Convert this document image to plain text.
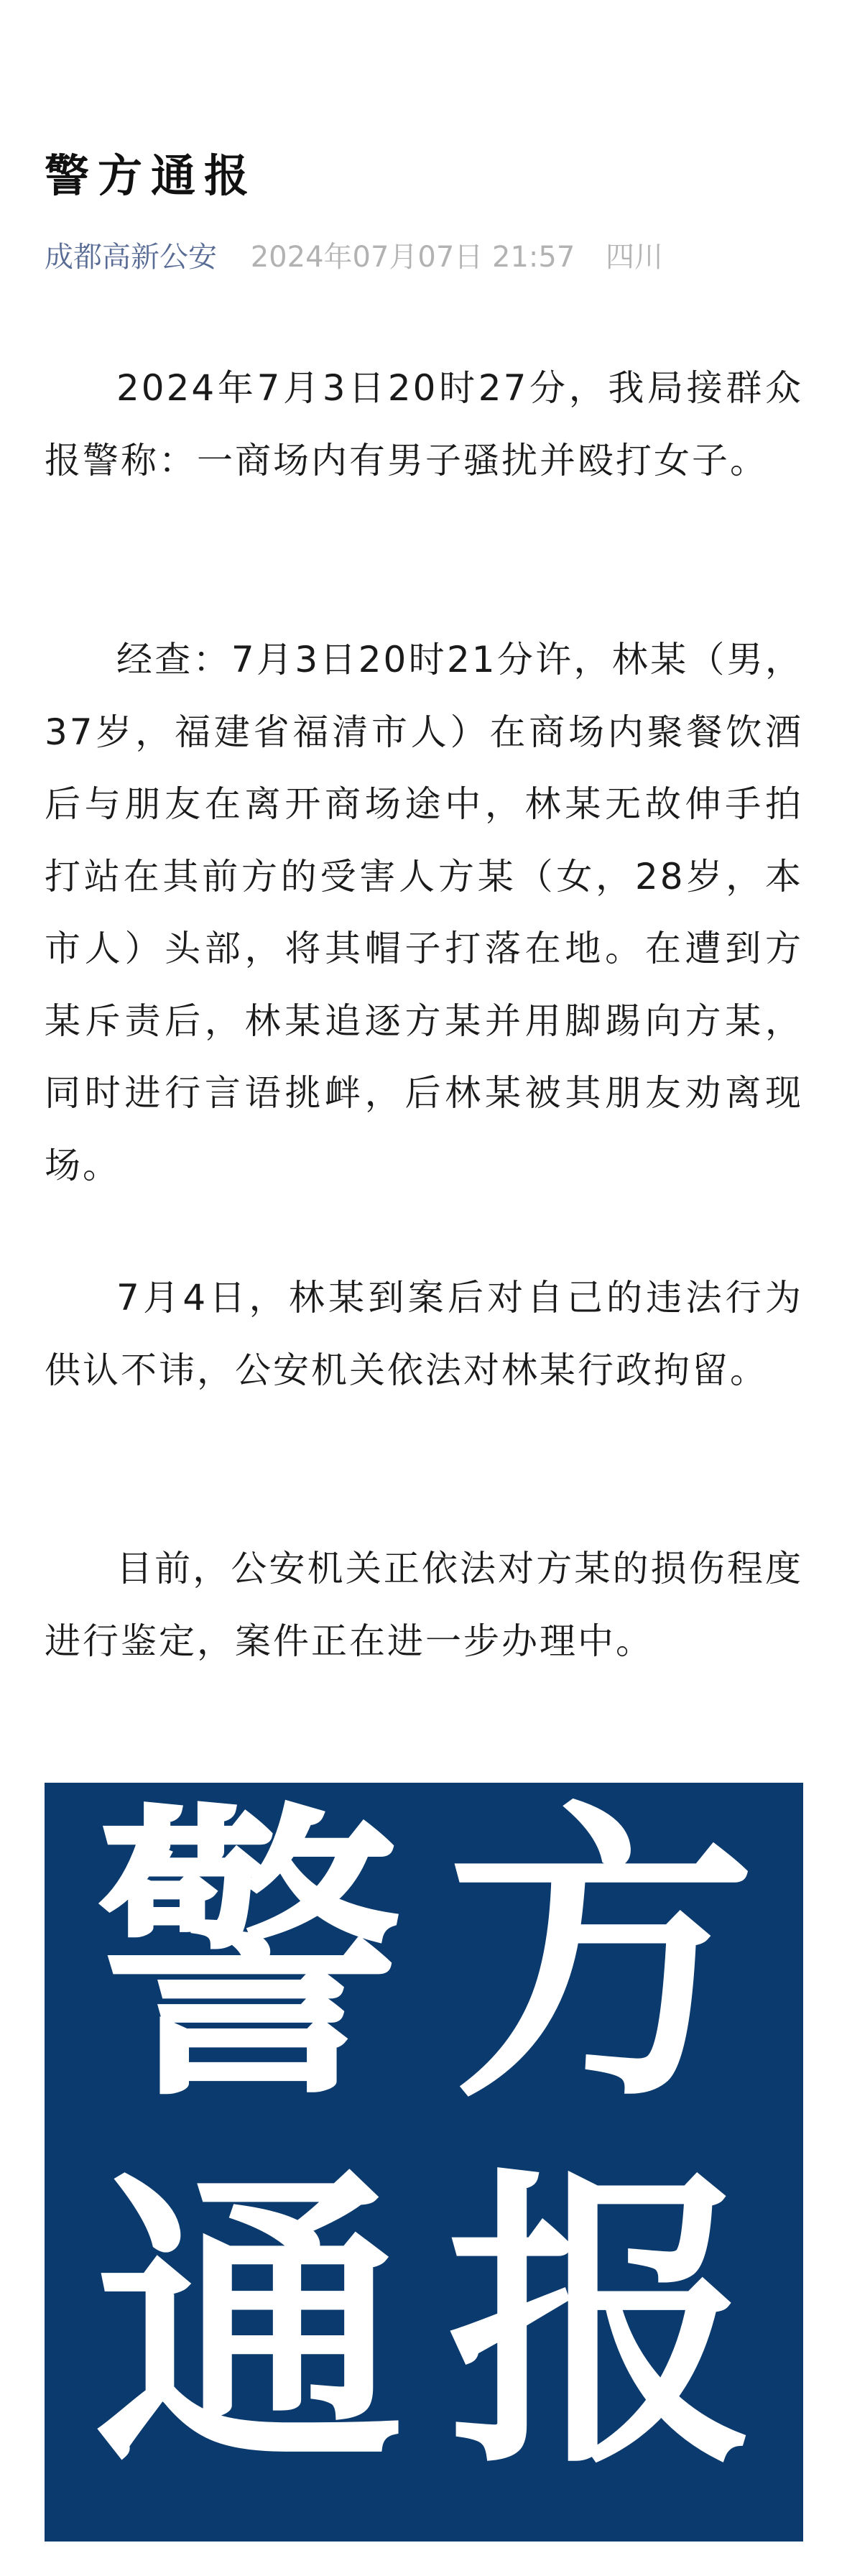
警方通报
成都高新公安 2024年07月07日 21:57 四川

2024年7月3日20时27分，我局接群众报警称：一商场内有男子骚扰并殴打女子。

经查：7月3日20时21分许，林某（男，37岁，福建省福清市人）在商场内聚餐饮酒后与朋友在离开商场途中，林某无故伸手拍打站在其前方的受害人方某（女，28岁，本市人）头部，将其帽子打落在地。在遭到方某斥责后，林某追逐方某并用脚踢向方某，同时进行言语挑衅，后林某被其朋友劝离现场。

7月4日，林某到案后对自己的违法行为供认不讳，公安机关依法对林某行政拘留。

目前，公安机关正依法对方某的损伤程度进行鉴定，案件正在进一步办理中。

警 方
通 报
